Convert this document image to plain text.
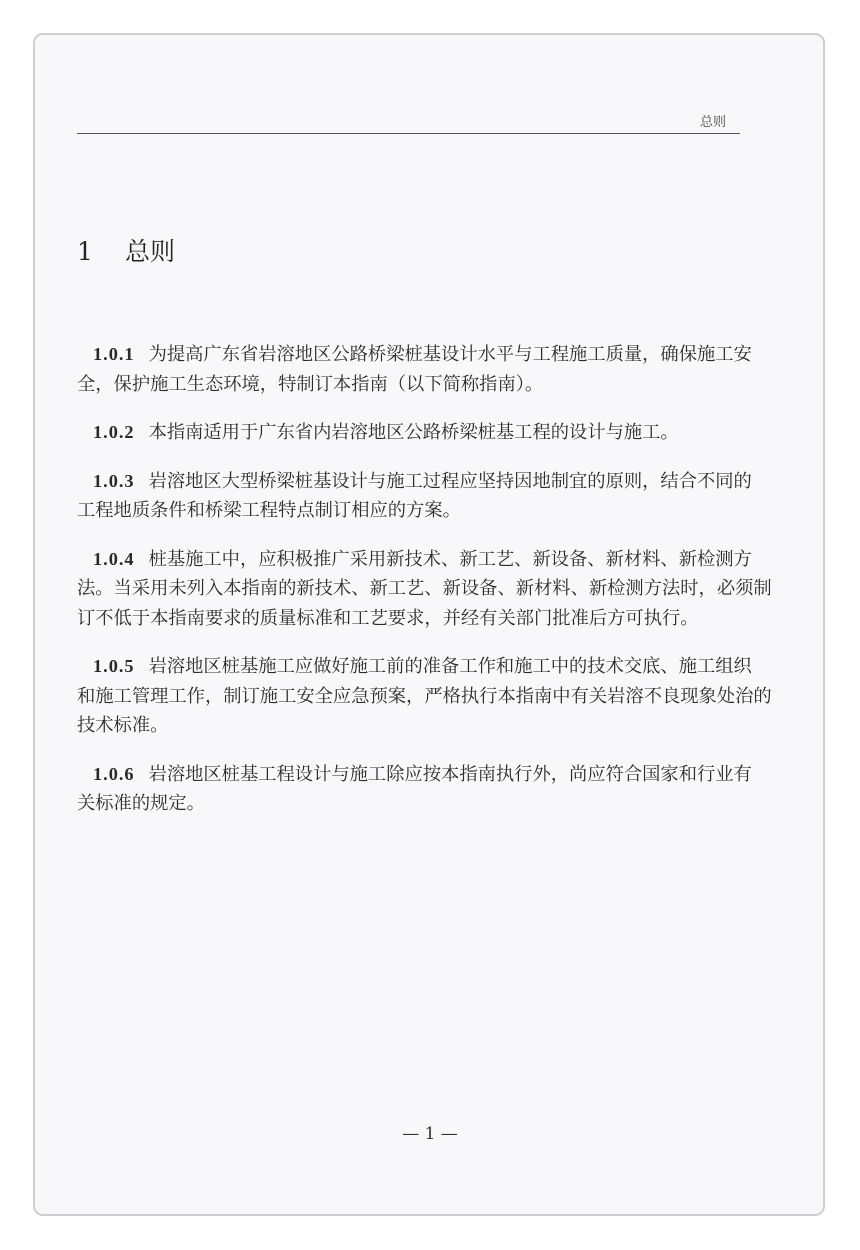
总则
1 总则
1.0.1 为提高广东省岩溶地区公路桥梁桩基设计水平与工程施工质量，确保施工安
全，保护施工生态环境，特制订本指南（以下简称指南）。
1.0.2 本指南适用于广东省内岩溶地区公路桥梁桩基工程的设计与施工。
1.0.3 岩溶地区大型桥梁桩基设计与施工过程应坚持因地制宜的原则，结合不同的
工程地质条件和桥梁工程特点制订相应的方案。
1.0.4 桩基施工中，应积极推广采用新技术、新工艺、新设备、新材料、新检测方
法。当采用未列入本指南的新技术、新工艺、新设备、新材料、新检测方法时，必须制
订不低于本指南要求的质量标准和工艺要求，并经有关部门批准后方可执行。
1.0.5 岩溶地区桩基施工应做好施工前的准备工作和施工中的技术交底、施工组织
和施工管理工作，制订施工安全应急预案，严格执行本指南中有关岩溶不良现象处治的
技术标准。
1.0.6 岩溶地区桩基工程设计与施工除应按本指南执行外，尚应符合国家和行业有
关标准的规定。
— 1 —
